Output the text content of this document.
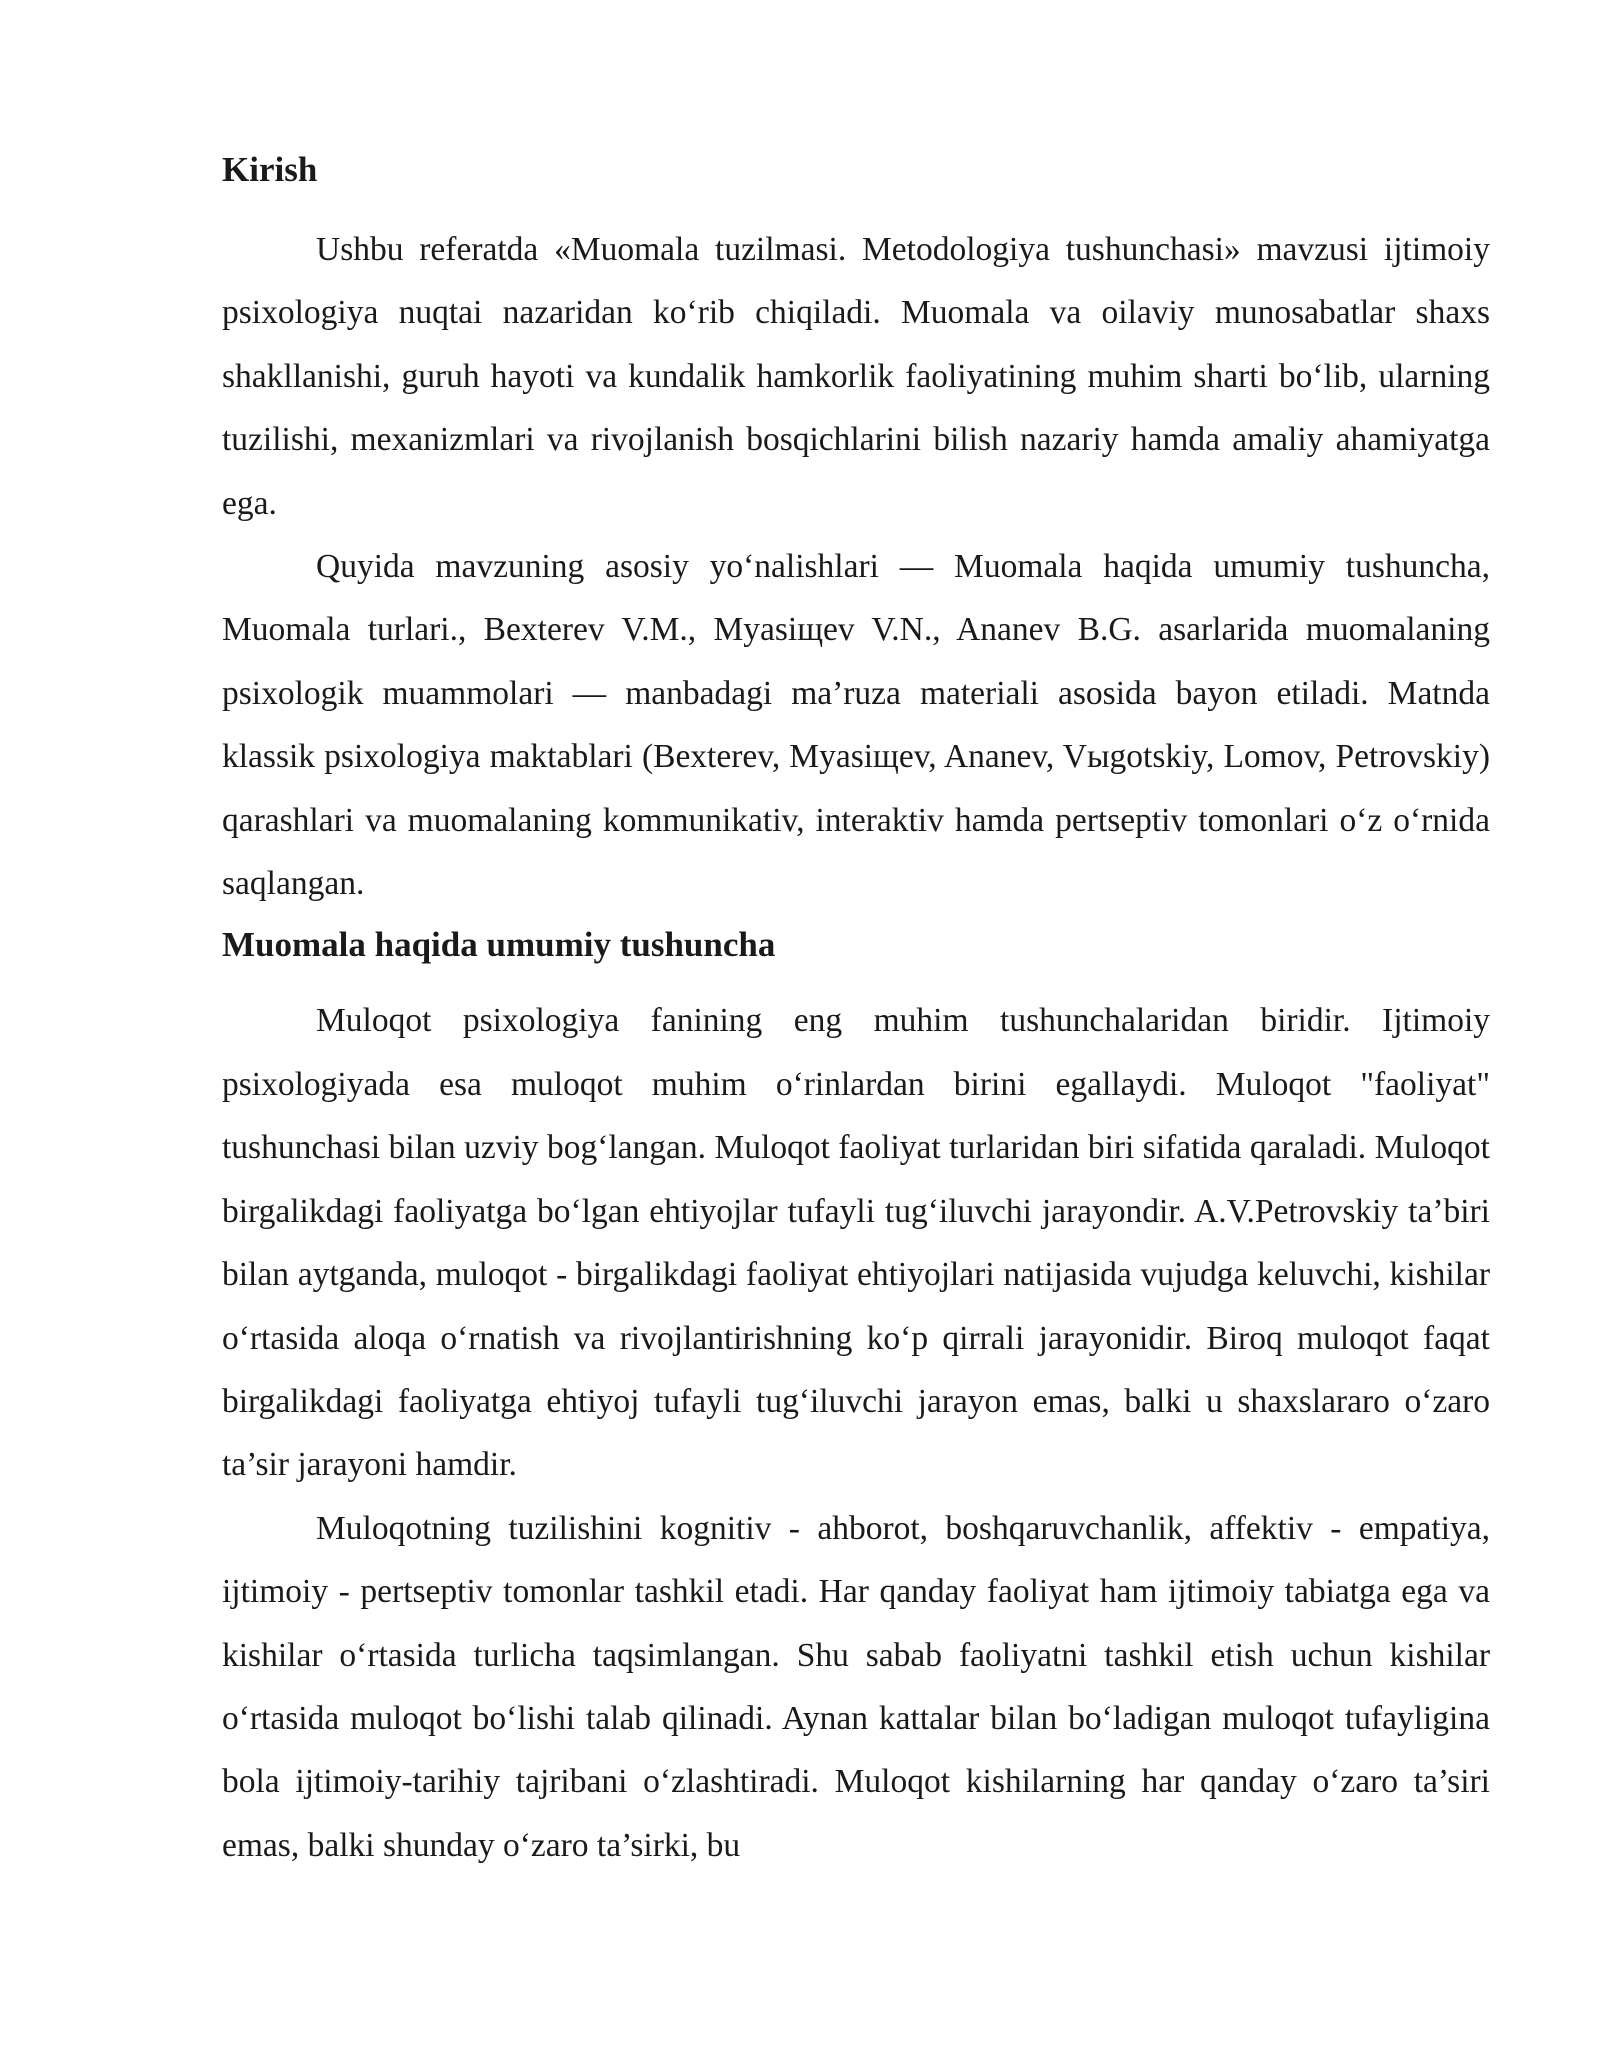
Kirish

Ushbu referatda «Muomala tuzilmasi. Metodologiya tushunchasi» mavzusi ijtimoiy psixologiya nuqtai nazaridan ko‘rib chiqiladi. Muomala va oilaviy munosabatlar shaxs shakllanishi, guruh hayoti va kundalik hamkorlik faoliyatining muhim sharti bo‘lib, ularning tuzilishi, mexanizmlari va rivojlanish bosqichlarini bilish nazariy hamda amaliy ahamiyatga ega.

Quyida mavzuning asosiy yo‘nalishlari — Muomala haqida umumiy tushuncha, Muomala turlari., Bexterev V.M., Myasiщev V.N., Ananev B.G. asarlarida muomalaning psixologik muammolari — manbadagi ma’ruza materiali asosida bayon etiladi. Matnda klassik psixologiya maktablari (Bexterev, Myasiщev, Ananev, Vыgotskiy, Lomov, Petrovskiy) qarashlari va muomalaning kommunikativ, interaktiv hamda pertseptiv tomonlari o‘z o‘rnida saqlangan.

Muomala haqida umumiy tushuncha

Muloqot psixologiya fanining eng muhim tushunchalaridan biridir. Ijtimoiy psixologiyada esa muloqot muhim o‘rinlardan birini egallaydi. Muloqot "faoliyat" tushunchasi bilan uzviy bog‘langan. Muloqot faoliyat turlaridan biri sifatida qaraladi. Muloqot birgalikdagi faoliyatga bo‘lgan ehtiyojlar tufayli tug‘iluvchi jarayondir. A.V.Petrovskiy ta’biri bilan aytganda, muloqot - birgalikdagi faoliyat ehtiyojlari natijasida vujudga keluvchi, kishilar o‘rtasida aloqa o‘rnatish va rivojlantirishning ko‘p qirrali jarayonidir. Biroq muloqot faqat birgalikdagi faoliyatga ehtiyoj tufayli tug‘iluvchi jarayon emas, balki u shaxslararo o‘zaro ta’sir jarayoni hamdir.

Muloqotning tuzilishini kognitiv - ahborot, boshqaruvchanlik, affektiv - empatiya, ijtimoiy - pertseptiv tomonlar tashkil etadi. Har qanday faoliyat ham ijtimoiy tabiatga ega va kishilar o‘rtasida turlicha taqsimlangan. Shu sabab faoliyatni tashkil etish uchun kishilar o‘rtasida muloqot bo‘lishi talab qilinadi. Aynan kattalar bilan bo‘ladigan muloqot tufayligina bola ijtimoiy-tarihiy tajribani o‘zlashtiradi. Muloqot kishilarning har qanday o‘zaro ta’siri emas, balki shunday o‘zaro ta’sirki, bu
